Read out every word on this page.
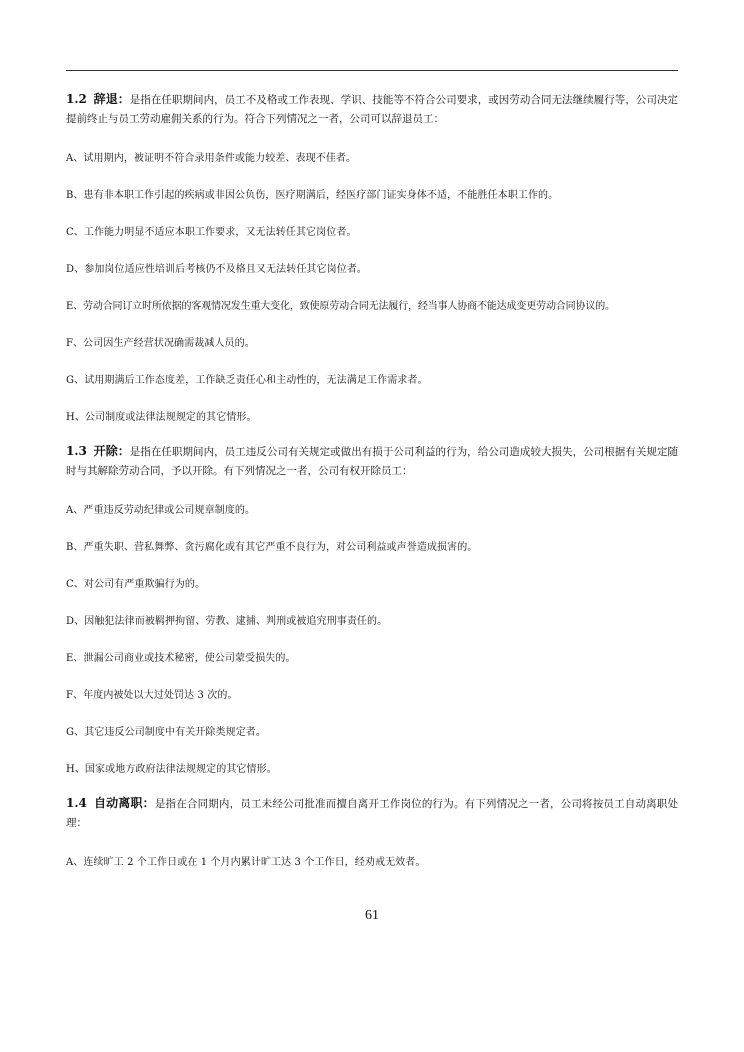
1.2 辞退：是指在任职期间内，员工不及格或工作表现、学识、技能等不符合公司要求，或因劳动合同无法继续履行等，公司决定提前终止与员工劳动雇佣关系的行为。符合下列情况之一者，公司可以辞退员工：

A、试用期内，被证明不符合录用条件或能力较差、表现不佳者。

B、患有非本职工作引起的疾病或非因公负伤，医疗期满后，经医疗部门证实身体不适，不能胜任本职工作的。

C、工作能力明显不适应本职工作要求，又无法转任其它岗位者。

D、参加岗位适应性培训后考核仍不及格且又无法转任其它岗位者。

E、劳动合同订立时所依据的客观情况发生重大变化，致使原劳动合同无法履行，经当事人协商不能达成变更劳动合同协议的。

F、公司因生产经营状况确需裁减人员的。

G、试用期满后工作态度差，工作缺乏责任心和主动性的，无法满足工作需求者。

H、公司制度或法律法规规定的其它情形。

1.3 开除：是指在任职期间内，员工违反公司有关规定或做出有损于公司利益的行为，给公司造成较大损失，公司根据有关规定随时与其解除劳动合同，予以开除。有下列情况之一者，公司有权开除员工：

A、严重违反劳动纪律或公司规章制度的。

B、严重失职、营私舞弊、贪污腐化或有其它严重不良行为，对公司利益或声誉造成损害的。

C、对公司有严重欺骗行为的。

D、因触犯法律而被羁押拘留、劳教、逮捕、判刑或被追究刑事责任的。

E、泄漏公司商业或技术秘密，使公司蒙受损失的。

F、年度内被处以大过处罚达 3 次的。

G、其它违反公司制度中有关开除类规定者。

H、国家或地方政府法律法规规定的其它情形。

1.4 自动离职：是指在合同期内，员工未经公司批准而擅自离开工作岗位的行为。有下列情况之一者，公司将按员工自动离职处理：

A、连续旷工 2 个工作日或在 1 个月内累计旷工达 3 个工作日，经劝戒无效者。

61
